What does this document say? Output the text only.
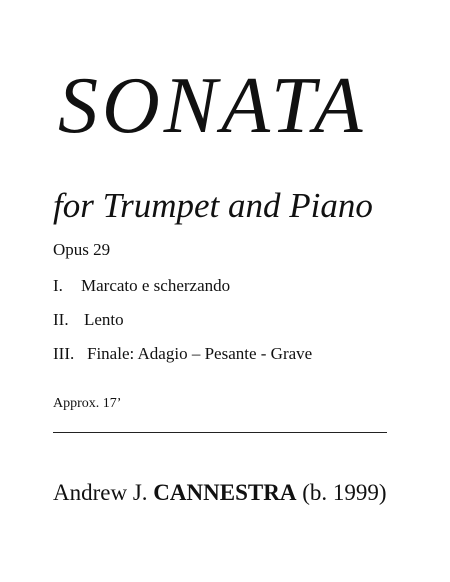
SONATA
for Trumpet and Piano
Opus 29
I. Marcato e scherzando
II. Lento
III. Finale: Adagio – Pesante - Grave
Approx. 17’
Andrew J. CANNESTRA (b. 1999)
